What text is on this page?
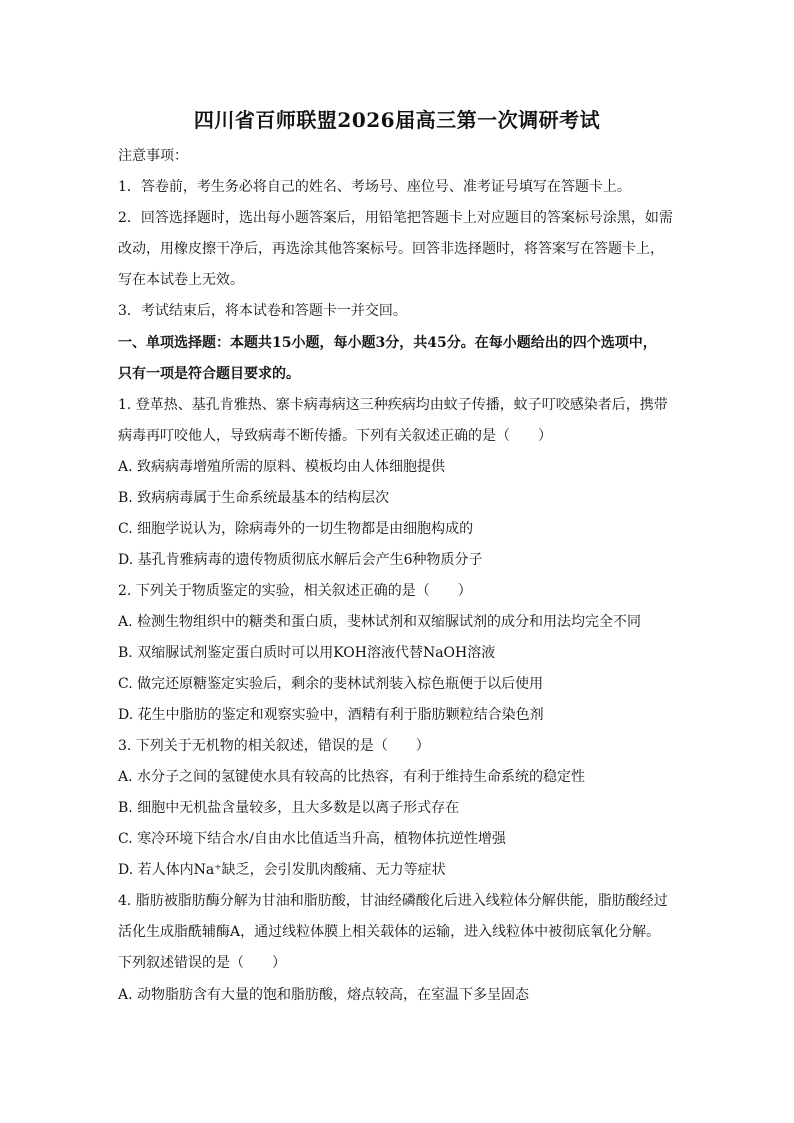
四川省百师联盟2026届高三第一次调研考试
注意事项：
1．答卷前，考生务必将自己的姓名、考场号、座位号、准考证号填写在答题卡上。
2．回答选择题时，选出每小题答案后，用铅笔把答题卡上对应题目的答案标号涂黑，如需
改动，用橡皮擦干净后，再选涂其他答案标号。回答非选择题时，将答案写在答题卡上，
写在本试卷上无效。
3．考试结束后，将本试卷和答题卡一并交回。
一、单项选择题：本题共15小题，每小题3分，共45分。在每小题给出的四个选项中，
只有一项是符合题目要求的。
1. 登革热、基孔肯雅热、寨卡病毒病这三种疾病均由蚊子传播，蚊子叮咬感染者后，携带
病毒再叮咬他人，导致病毒不断传播。下列有关叙述正确的是（　　）
A. 致病病毒增殖所需的原料、模板均由人体细胞提供
B. 致病病毒属于生命系统最基本的结构层次
C. 细胞学说认为，除病毒外的一切生物都是由细胞构成的
D. 基孔肯雅病毒的遗传物质彻底水解后会产生6种物质分子
2. 下列关于物质鉴定的实验，相关叙述正确的是（　　）
A. 检测生物组织中的糖类和蛋白质，斐林试剂和双缩脲试剂的成分和用法均完全不同
B. 双缩脲试剂鉴定蛋白质时可以用KOH溶液代替NaOH溶液
C. 做完还原糖鉴定实验后，剩余的斐林试剂装入棕色瓶便于以后使用
D. 花生中脂肪的鉴定和观察实验中，酒精有利于脂肪颗粒结合染色剂
3. 下列关于无机物的相关叙述，错误的是（　　）
A. 水分子之间的氢键使水具有较高的比热容，有利于维持生命系统的稳定性
B. 细胞中无机盐含量较多，且大多数是以离子形式存在
C. 寒冷环境下结合水/自由水比值适当升高，植物体抗逆性增强
D. 若人体内Na⁺缺乏，会引发肌肉酸痛、无力等症状
4. 脂肪被脂肪酶分解为甘油和脂肪酸，甘油经磷酸化后进入线粒体分解供能，脂肪酸经过
活化生成脂酰辅酶A，通过线粒体膜上相关载体的运输，进入线粒体中被彻底氧化分解。
下列叙述错误的是（　　）
A. 动物脂肪含有大量的饱和脂肪酸，熔点较高，在室温下多呈固态
